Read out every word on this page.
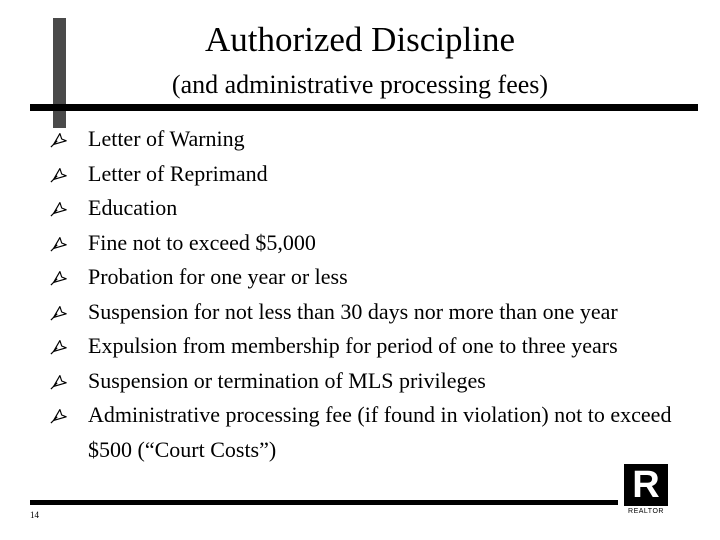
Authorized Discipline
(and administrative processing fees)
Letter of Warning
Letter of Reprimand
Education
Fine not to exceed $5,000
Probation for one year or less
Suspension for not less than 30 days nor more than one year
Expulsion from membership for period of one to three years
Suspension or termination of MLS privileges
Administrative processing fee (if found in violation) not to exceed $500 (“Court Costs”)
14
R
REALTOR
